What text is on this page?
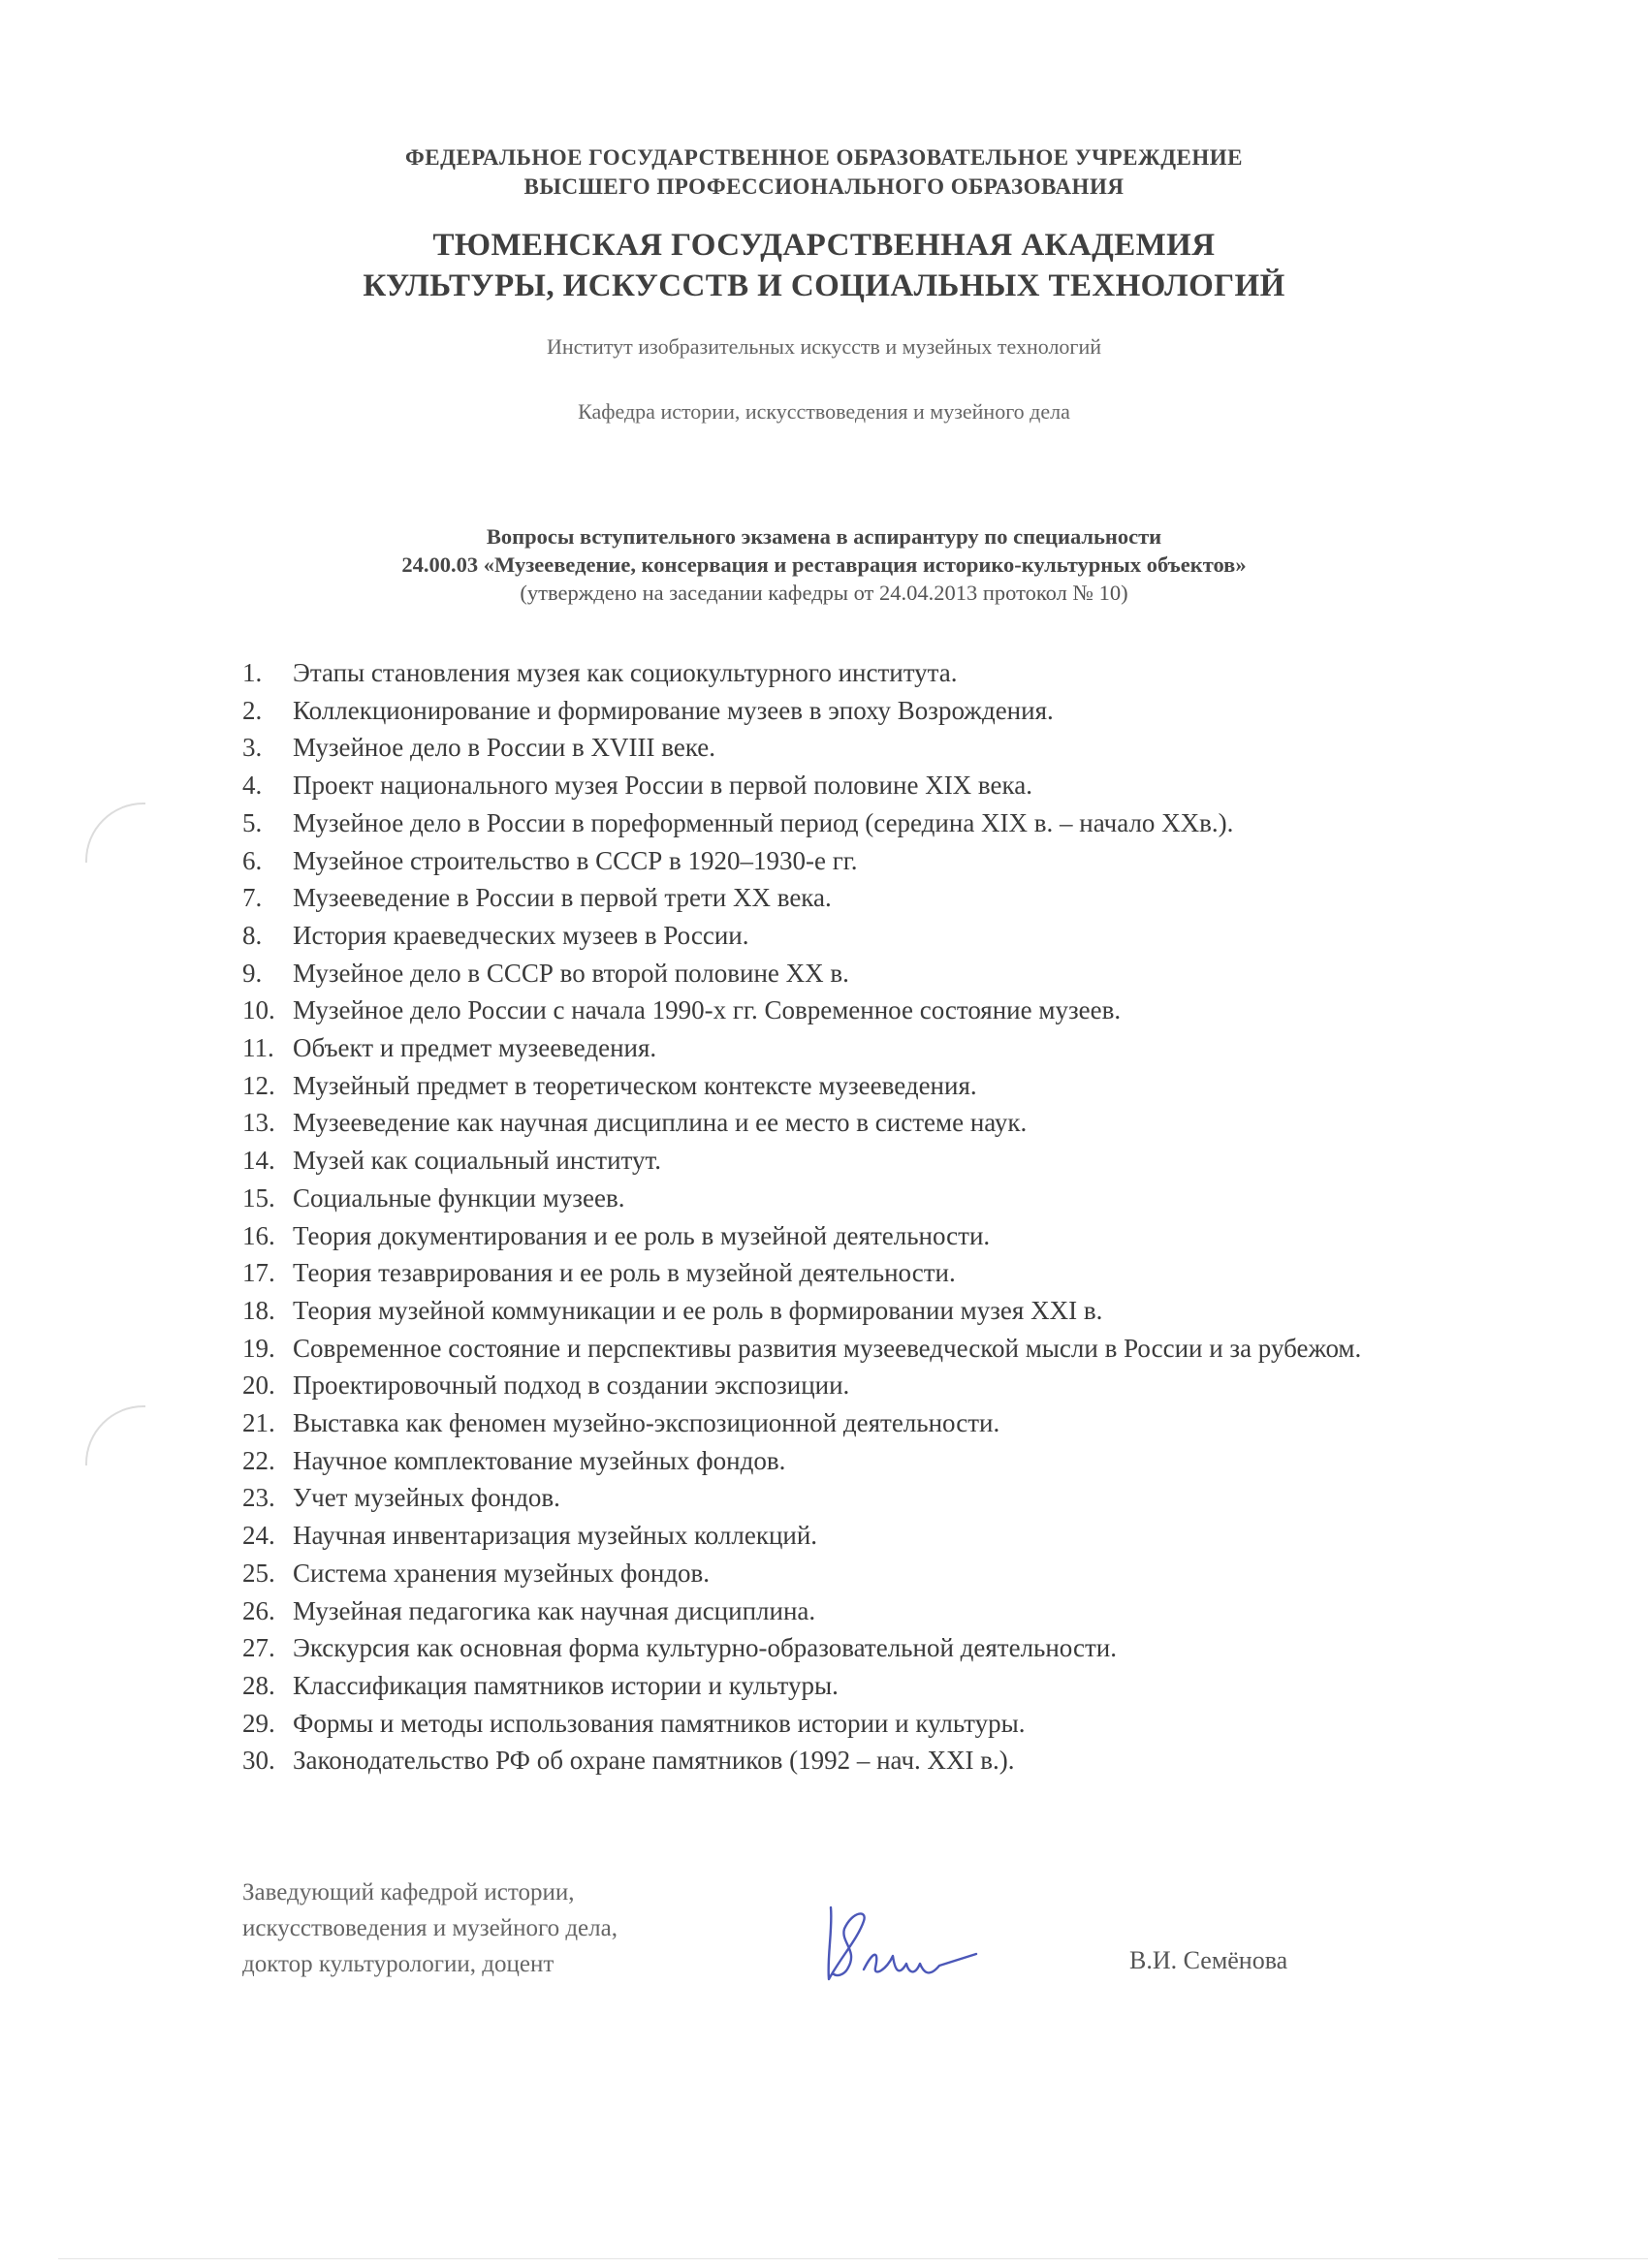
ФЕДЕРАЛЬНОЕ ГОСУДАРСТВЕННОЕ ОБРАЗОВАТЕЛЬНОЕ УЧРЕЖДЕНИЕ
ВЫСШЕГО ПРОФЕССИОНАЛЬНОГО ОБРАЗОВАНИЯ
ТЮМЕНСКАЯ ГОСУДАРСТВЕННАЯ АКАДЕМИЯ
КУЛЬТУРЫ, ИСКУССТВ И СОЦИАЛЬНЫХ ТЕХНОЛОГИЙ
Институт изобразительных искусств и музейных технологий
Кафедра истории, искусствоведения и музейного дела
Вопросы вступительного экзамена в аспирантуру по специальности
24.00.03 «Музееведение, консервация и реставрация историко-культурных объектов»
(утверждено на заседании кафедры от 24.04.2013 протокол № 10)
1.	Этапы становления музея как социокультурного института.
2.	Коллекционирование и формирование музеев в эпоху Возрождения.
3.	Музейное дело в России в XVIII веке.
4.	Проект национального музея России в первой половине XIX века.
5.	Музейное дело в России в пореформенный период (середина XIX в. – начало XXв.).
6.	Музейное строительство в СССР в 1920–1930-е гг.
7.	Музееведение в России в первой трети XX века.
8.	История краеведческих музеев в России.
9.	Музейное дело в СССР во второй половине XX в.
10. Музейное дело России с начала 1990-х гг. Современное состояние музеев.
11. Объект и предмет музееведения.
12. Музейный предмет в теоретическом контексте музееведения.
13. Музееведение как научная дисциплина и ее место в системе наук.
14. Музей как социальный институт.
15. Социальные функции музеев.
16. Теория документирования и ее роль в музейной деятельности.
17. Теория тезаврирования и ее роль в музейной деятельности.
18. Теория музейной коммуникации и ее роль в формировании музея XXI в.
19. Современное состояние и перспективы развития музееведческой мысли в России и за рубежом.
20. Проектировочный подход в создании экспозиции.
21. Выставка как феномен музейно-экспозиционной деятельности.
22. Научное комплектование музейных фондов.
23. Учет музейных фондов.
24. Научная инвентаризация музейных коллекций.
25. Система хранения музейных фондов.
26. Музейная педагогика как научная дисциплина.
27. Экскурсия как основная форма культурно-образовательной деятельности.
28. Классификация памятников истории и культуры.
29. Формы и методы использования памятников истории и культуры.
30. Законодательство РФ об охране памятников (1992 – нач. XXI в.).
Заведующий кафедрой истории,
искусствоведения и музейного дела,
доктор культурологии, доцент	В.И. Семёнова
